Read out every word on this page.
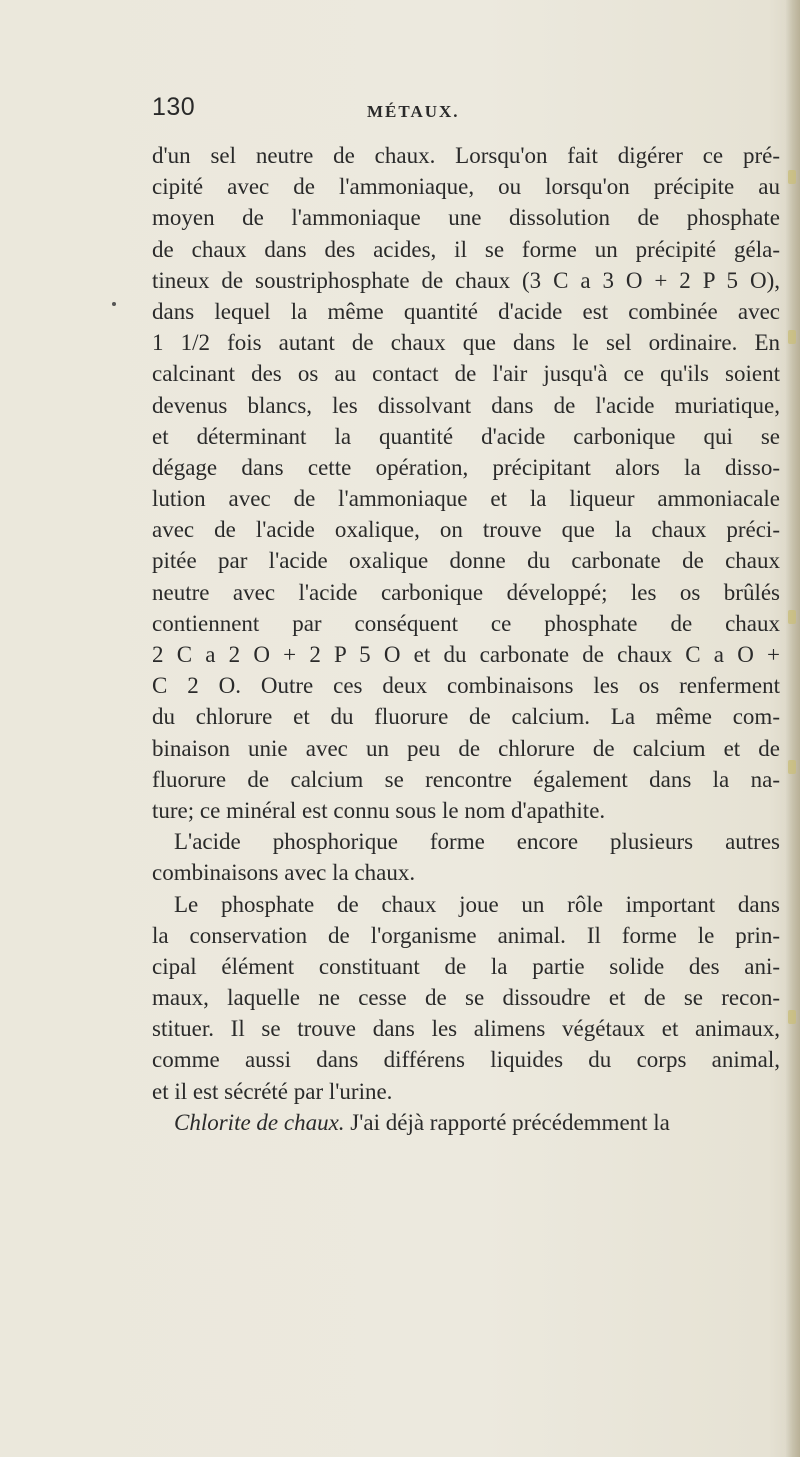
130	MÉTAUX.
d'un sel neutre de chaux. Lorsqu'on fait digérer ce pré-
cipité avec de l'ammoniaque, ou lorsqu'on précipite au
moyen de l'ammoniaque une dissolution de phosphate
de chaux dans des acides, il se forme un précipité géla-
tineux de soustriphosphate de chaux (3 C a 3 O + 2 P 5 O),
dans lequel la même quantité d'acide est combinée avec
1 1/2 fois autant de chaux que dans le sel ordinaire. En
calcinant des os au contact de l'air jusqu'à ce qu'ils soient
devenus blancs, les dissolvant dans de l'acide muriatique,
et déterminant la quantité d'acide carbonique qui se
dégage dans cette opération, précipitant alors la disso-
lution avec de l'ammoniaque et la liqueur ammoniacale
avec de l'acide oxalique, on trouve que la chaux préci-
pitée par l'acide oxalique donne du carbonate de chaux
neutre avec l'acide carbonique développé; les os brûlés
contiennent par conséquent ce phosphate de chaux
2 C a 2 O + 2 P 5 O et du carbonate de chaux C a O +
C 2 O. Outre ces deux combinaisons les os renferment
du chlorure et du fluorure de calcium. La même com-
binaison unie avec un peu de chlorure de calcium et de
fluorure de calcium se rencontre également dans la na-
ture; ce minéral est connu sous le nom d'apathite.
L'acide phosphorique forme encore plusieurs autres
combinaisons avec la chaux.
Le phosphate de chaux joue un rôle important dans
la conservation de l'organisme animal. Il forme le prin-
cipal élément constituant de la partie solide des ani-
maux, laquelle ne cesse de se dissoudre et de se recon-
stituer. Il se trouve dans les alimens végétaux et animaux,
comme aussi dans différens liquides du corps animal,
et il est sécrété par l'urine.
Chlorite de chaux. J'ai déjà rapporté précédemment la
